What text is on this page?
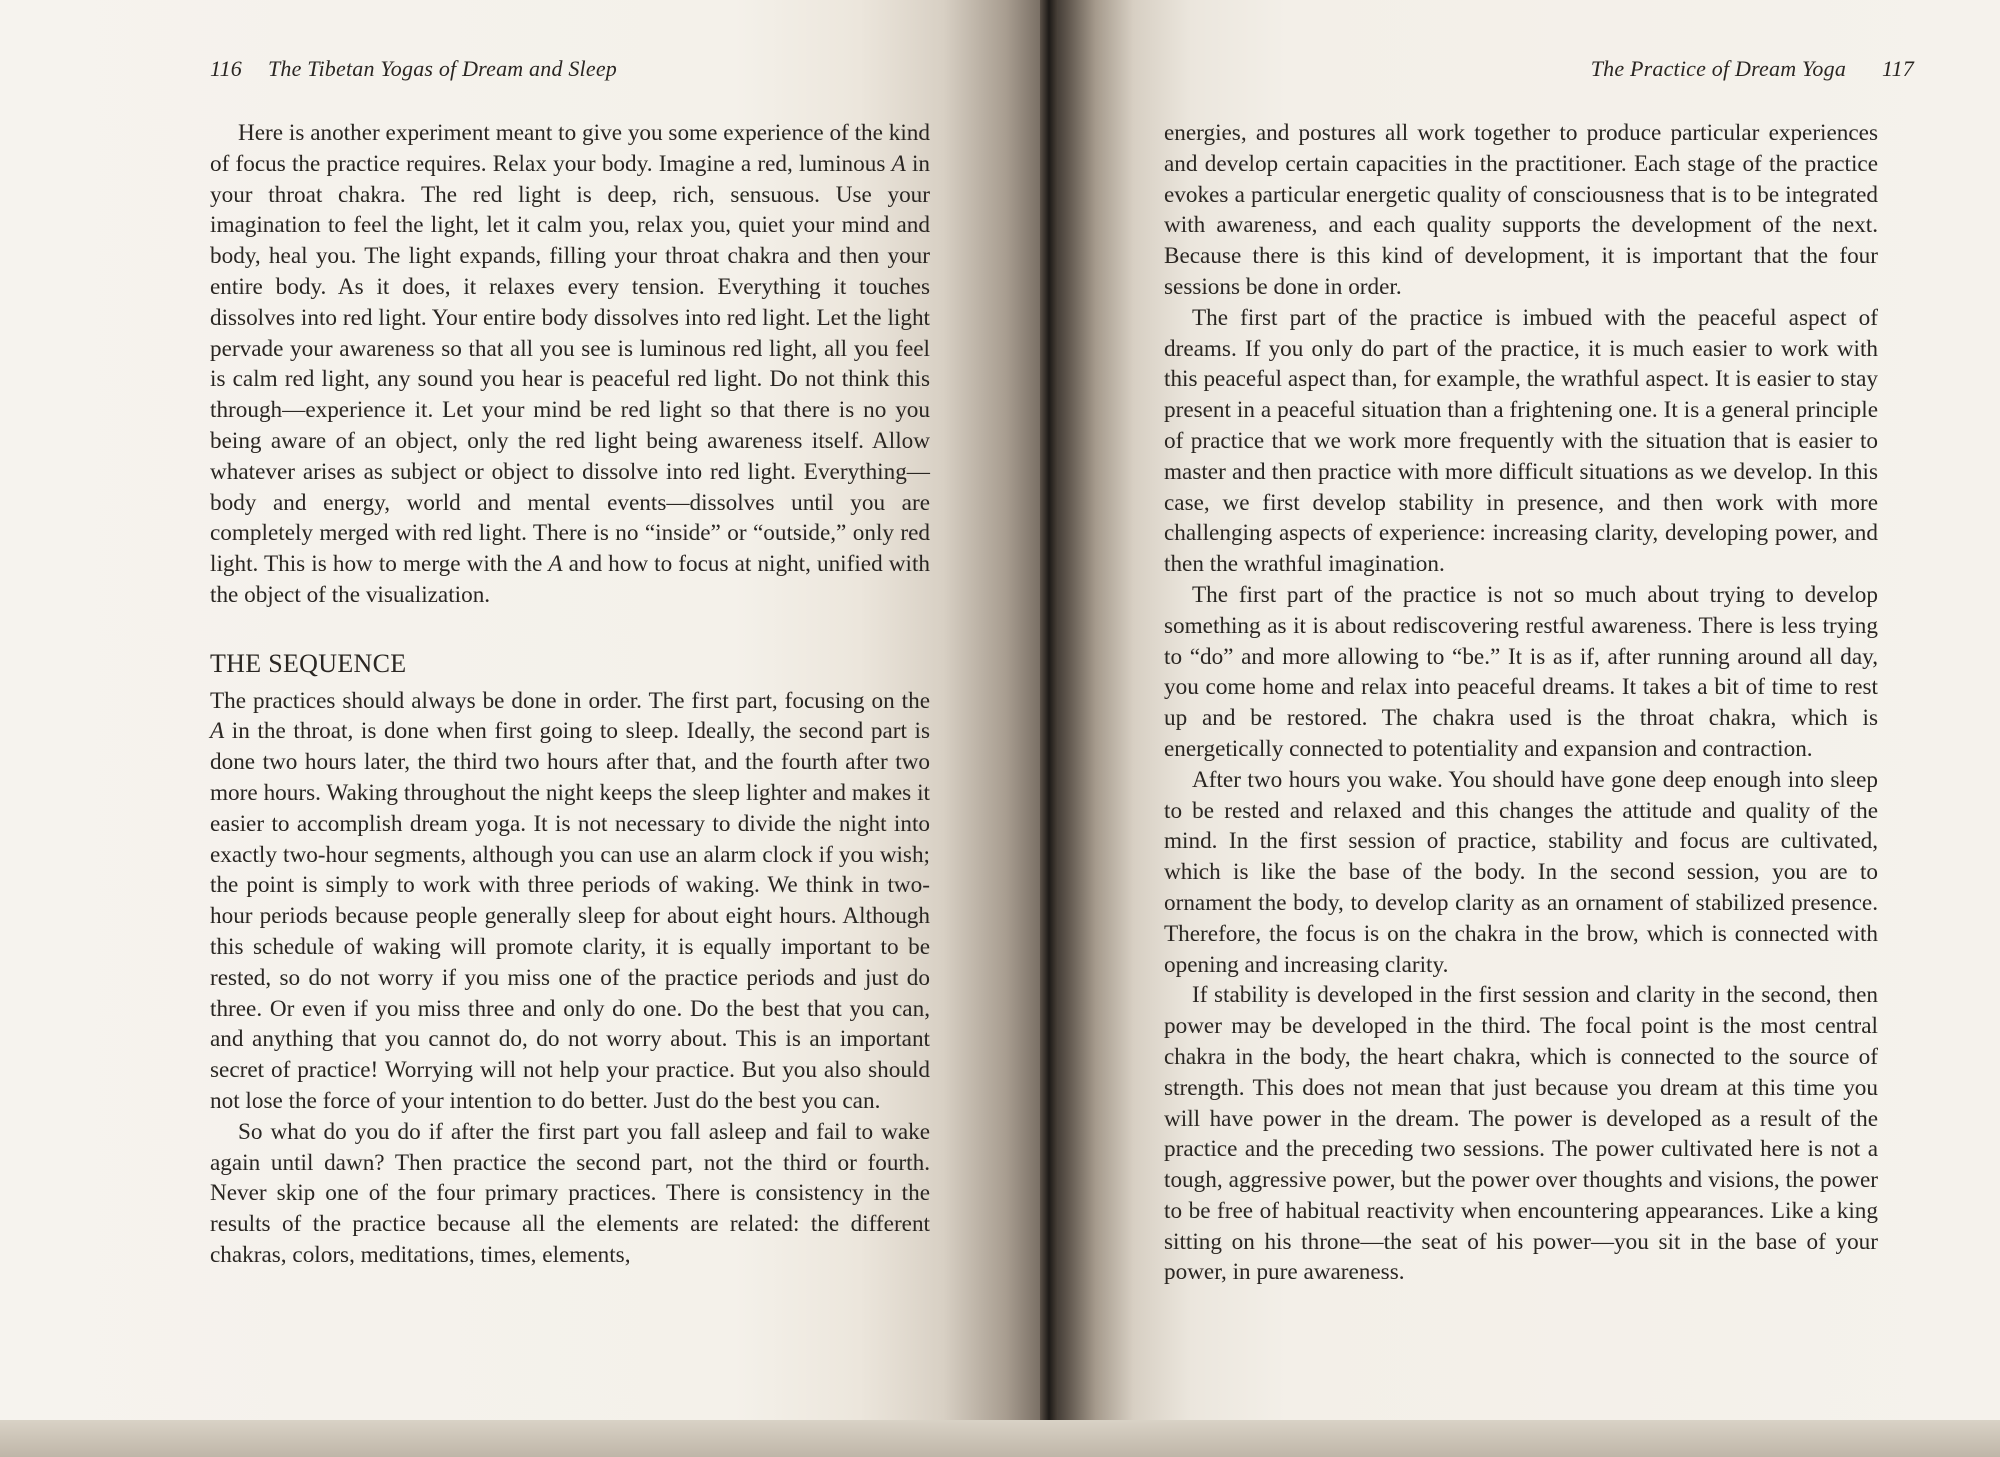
116 The Tibetan Yogas of Dream and Sleep

Here is another experiment meant to give you some experience of the kind of focus the practice requires. Relax your body. Imagine a red, luminous A in your throat chakra. The red light is deep, rich, sensuous. Use your imagination to feel the light, let it calm you, relax you, quiet your mind and body, heal you. The light expands, filling your throat chakra and then your entire body. As it does, it relaxes every tension. Everything it touches dissolves into red light. Your entire body dissolves into red light. Let the light pervade your awareness so that all you see is luminous red light, all you feel is calm red light, any sound you hear is peaceful red light. Do not think this through—experience it. Let your mind be red light so that there is no you being aware of an object, only the red light being awareness itself. Allow whatever arises as subject or object to dissolve into red light. Everything—body and energy, world and mental events—dissolves until you are completely merged with red light. There is no “inside” or “outside,” only red light. This is how to merge with the A and how to focus at night, unified with the object of the visualization.

THE SEQUENCE

The practices should always be done in order. The first part, focusing on the A in the throat, is done when first going to sleep. Ideally, the second part is done two hours later, the third two hours after that, and the fourth after two more hours. Waking throughout the night keeps the sleep lighter and makes it easier to accomplish dream yoga. It is not necessary to divide the night into exactly two-hour segments, although you can use an alarm clock if you wish; the point is simply to work with three periods of waking. We think in two-hour periods because people generally sleep for about eight hours. Although this schedule of waking will promote clarity, it is equally important to be rested, so do not worry if you miss one of the practice periods and just do three. Or even if you miss three and only do one. Do the best that you can, and anything that you cannot do, do not worry about. This is an important secret of practice! Worrying will not help your practice. But you also should not lose the force of your intention to do better. Just do the best you can.

So what do you do if after the first part you fall asleep and fail to wake again until dawn? Then practice the second part, not the third or fourth. Never skip one of the four primary practices. There is consistency in the results of the practice because all the elements are related: the different chakras, colors, meditations, times, elements,

The Practice of Dream Yoga 117

energies, and postures all work together to produce particular experiences and develop certain capacities in the practitioner. Each stage of the practice evokes a particular energetic quality of consciousness that is to be integrated with awareness, and each quality supports the development of the next. Because there is this kind of development, it is important that the four sessions be done in order.

The first part of the practice is imbued with the peaceful aspect of dreams. If you only do part of the practice, it is much easier to work with this peaceful aspect than, for example, the wrathful aspect. It is easier to stay present in a peaceful situation than a frightening one. It is a general principle of practice that we work more frequently with the situation that is easier to master and then practice with more difficult situations as we develop. In this case, we first develop stability in presence, and then work with more challenging aspects of experience: increasing clarity, developing power, and then the wrathful imagination.

The first part of the practice is not so much about trying to develop something as it is about rediscovering restful awareness. There is less trying to “do” and more allowing to “be.” It is as if, after running around all day, you come home and relax into peaceful dreams. It takes a bit of time to rest up and be restored. The chakra used is the throat chakra, which is energetically connected to potentiality and expansion and contraction.

After two hours you wake. You should have gone deep enough into sleep to be rested and relaxed and this changes the attitude and quality of the mind. In the first session of practice, stability and focus are cultivated, which is like the base of the body. In the second session, you are to ornament the body, to develop clarity as an ornament of stabilized presence. Therefore, the focus is on the chakra in the brow, which is connected with opening and increasing clarity.

If stability is developed in the first session and clarity in the second, then power may be developed in the third. The focal point is the most central chakra in the body, the heart chakra, which is connected to the source of strength. This does not mean that just because you dream at this time you will have power in the dream. The power is developed as a result of the practice and the preceding two sessions. The power cultivated here is not a tough, aggressive power, but the power over thoughts and visions, the power to be free of habitual reactivity when encountering appearances. Like a king sitting on his throne—the seat of his power—you sit in the base of your power, in pure awareness.
